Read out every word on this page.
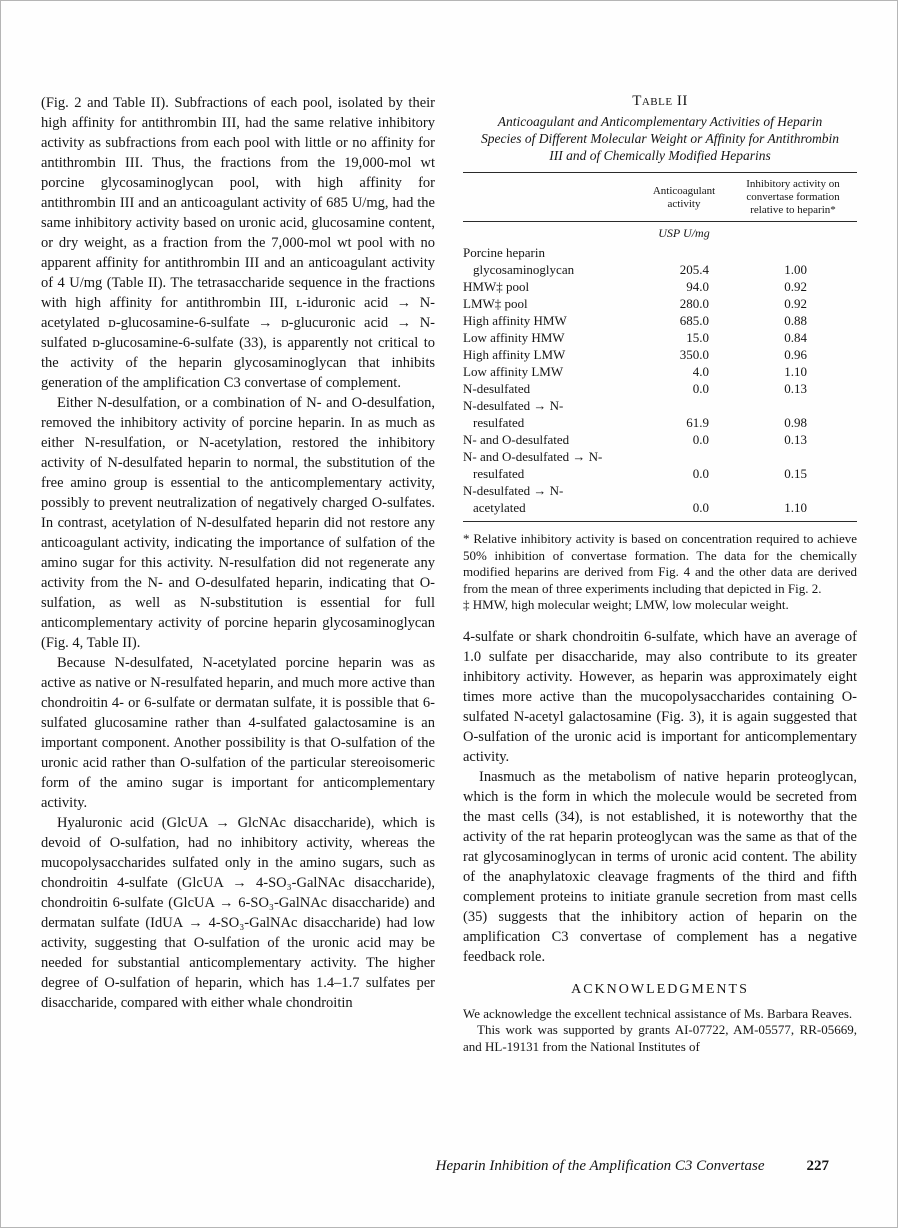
(Fig. 2 and Table II). Subfractions of each pool, isolated by their high affinity for antithrombin III, had the same relative inhibitory activity as subfractions from each pool with little or no affinity for antithrombin III. Thus, the fractions from the 19,000-mol wt porcine glycosaminoglycan pool, with high affinity for antithrombin III and an anticoagulant activity of 685 U/mg, had the same inhibitory activity based on uronic acid, glucosamine content, or dry weight, as a fraction from the 7,000-mol wt pool with no apparent affinity for antithrombin III and an anticoagulant activity of 4 U/mg (Table II). The tetrasaccharide sequence in the fractions with high affinity for antithrombin III, ʟ-iduronic acid → N-acetylated ᴅ-glucosamine-6-sulfate → ᴅ-glucuronic acid → N-sulfated ᴅ-glucosamine-6-sulfate (33), is apparently not critical to the activity of the heparin glycosaminoglycan that inhibits generation of the amplification C3 convertase of complement.

Either N-desulfation, or a combination of N- and O-desulfation, removed the inhibitory activity of porcine heparin. In as much as either N-resulfation, or N-acetylation, restored the inhibitory activity of N-desulfated heparin to normal, the substitution of the free amino group is essential to the anticomplementary activity, possibly to prevent neutralization of negatively charged O-sulfates. In contrast, acetylation of N-desulfated heparin did not restore any anticoagulant activity, indicating the importance of sulfation of the amino sugar for this activity. N-resulfation did not regenerate any activity from the N- and O-desulfated heparin, indicating that O-sulfation, as well as N-substitution is essential for full anticomplementary activity of porcine heparin glycosaminoglycan (Fig. 4, Table II).

Because N-desulfated, N-acetylated porcine heparin was as active as native or N-resulfated heparin, and much more active than chondroitin 4- or 6-sulfate or dermatan sulfate, it is possible that 6-sulfated glucosamine rather than 4-sulfated galactosamine is an important component. Another possibility is that O-sulfation of the uronic acid rather than O-sulfation of the particular stereoisomeric form of the amino sugar is important for anticomplementary activity.

Hyaluronic acid (GlcUA → GlcNAc disaccharide), which is devoid of O-sulfation, had no inhibitory activity, whereas the mucopolysaccharides sulfated only in the amino sugars, such as chondroitin 4-sulfate (GlcUA → 4-SO₃-GalNAc disaccharide), chondroitin 6-sulfate (GlcUA → 6-SO₃-GalNAc disaccharide) and dermatan sulfate (IdUA → 4-SO₃-GalNAc disaccharide) had low activity, suggesting that O-sulfation of the uronic acid may be needed for substantial anticomplementary activity. The higher degree of O-sulfation of heparin, which has 1.4–1.7 sulfates per disaccharide, compared with either whale chondroitin

Table II
Anticoagulant and Anticomplementary Activities of Heparin Species of Different Molecular Weight or Affinity for Antithrombin III and of Chemically Modified Heparins
Anticoagulant activity
Inhibitory activity on convertase formation relative to heparin*
USP U/mg
Porcine heparin
glycosaminoglycan	205.4	1.00
HMW‡ pool	94.0	0.92
LMW‡ pool	280.0	0.92
High affinity HMW	685.0	0.88
Low affinity HMW	15.0	0.84
High affinity LMW	350.0	0.96
Low affinity LMW	4.0	1.10
N-desulfated	0.0	0.13
N-desulfated → N-
resulfated	61.9	0.98
N- and O-desulfated	0.0	0.13
N- and O-desulfated → N-
resulfated	0.0	0.15
N-desulfated → N-
acetylated	0.0	1.10

* Relative inhibitory activity is based on concentration required to achieve 50% inhibition of convertase formation. The data for the chemically modified heparins are derived from Fig. 4 and the other data are derived from the mean of three experiments including that depicted in Fig. 2.

‡ HMW, high molecular weight; LMW, low molecular weight.

4-sulfate or shark chondroitin 6-sulfate, which have an average of 1.0 sulfate per disaccharide, may also contribute to its greater inhibitory activity. However, as heparin was approximately eight times more active than the mucopolysaccharides containing O-sulfated N-acetyl galactosamine (Fig. 3), it is again suggested that O-sulfation of the uronic acid is important for anticomplementary activity.

Inasmuch as the metabolism of native heparin proteoglycan, which is the form in which the molecule would be secreted from the mast cells (34), is not established, it is noteworthy that the activity of the rat heparin proteoglycan was the same as that of the rat glycosaminoglycan in terms of uronic acid content. The ability of the anaphylatoxic cleavage fragments of the third and fifth complement proteins to initiate granule secretion from mast cells (35) suggests that the inhibitory action of heparin on the amplification C3 convertase of complement has a negative feedback role.

ACKNOWLEDGMENTS

We acknowledge the excellent technical assistance of Ms. Barbara Reaves.

This work was supported by grants AI-07722, AM-05577, RR-05669, and HL-19131 from the National Institutes of

Heparin Inhibition of the Amplification C3 Convertase	227
